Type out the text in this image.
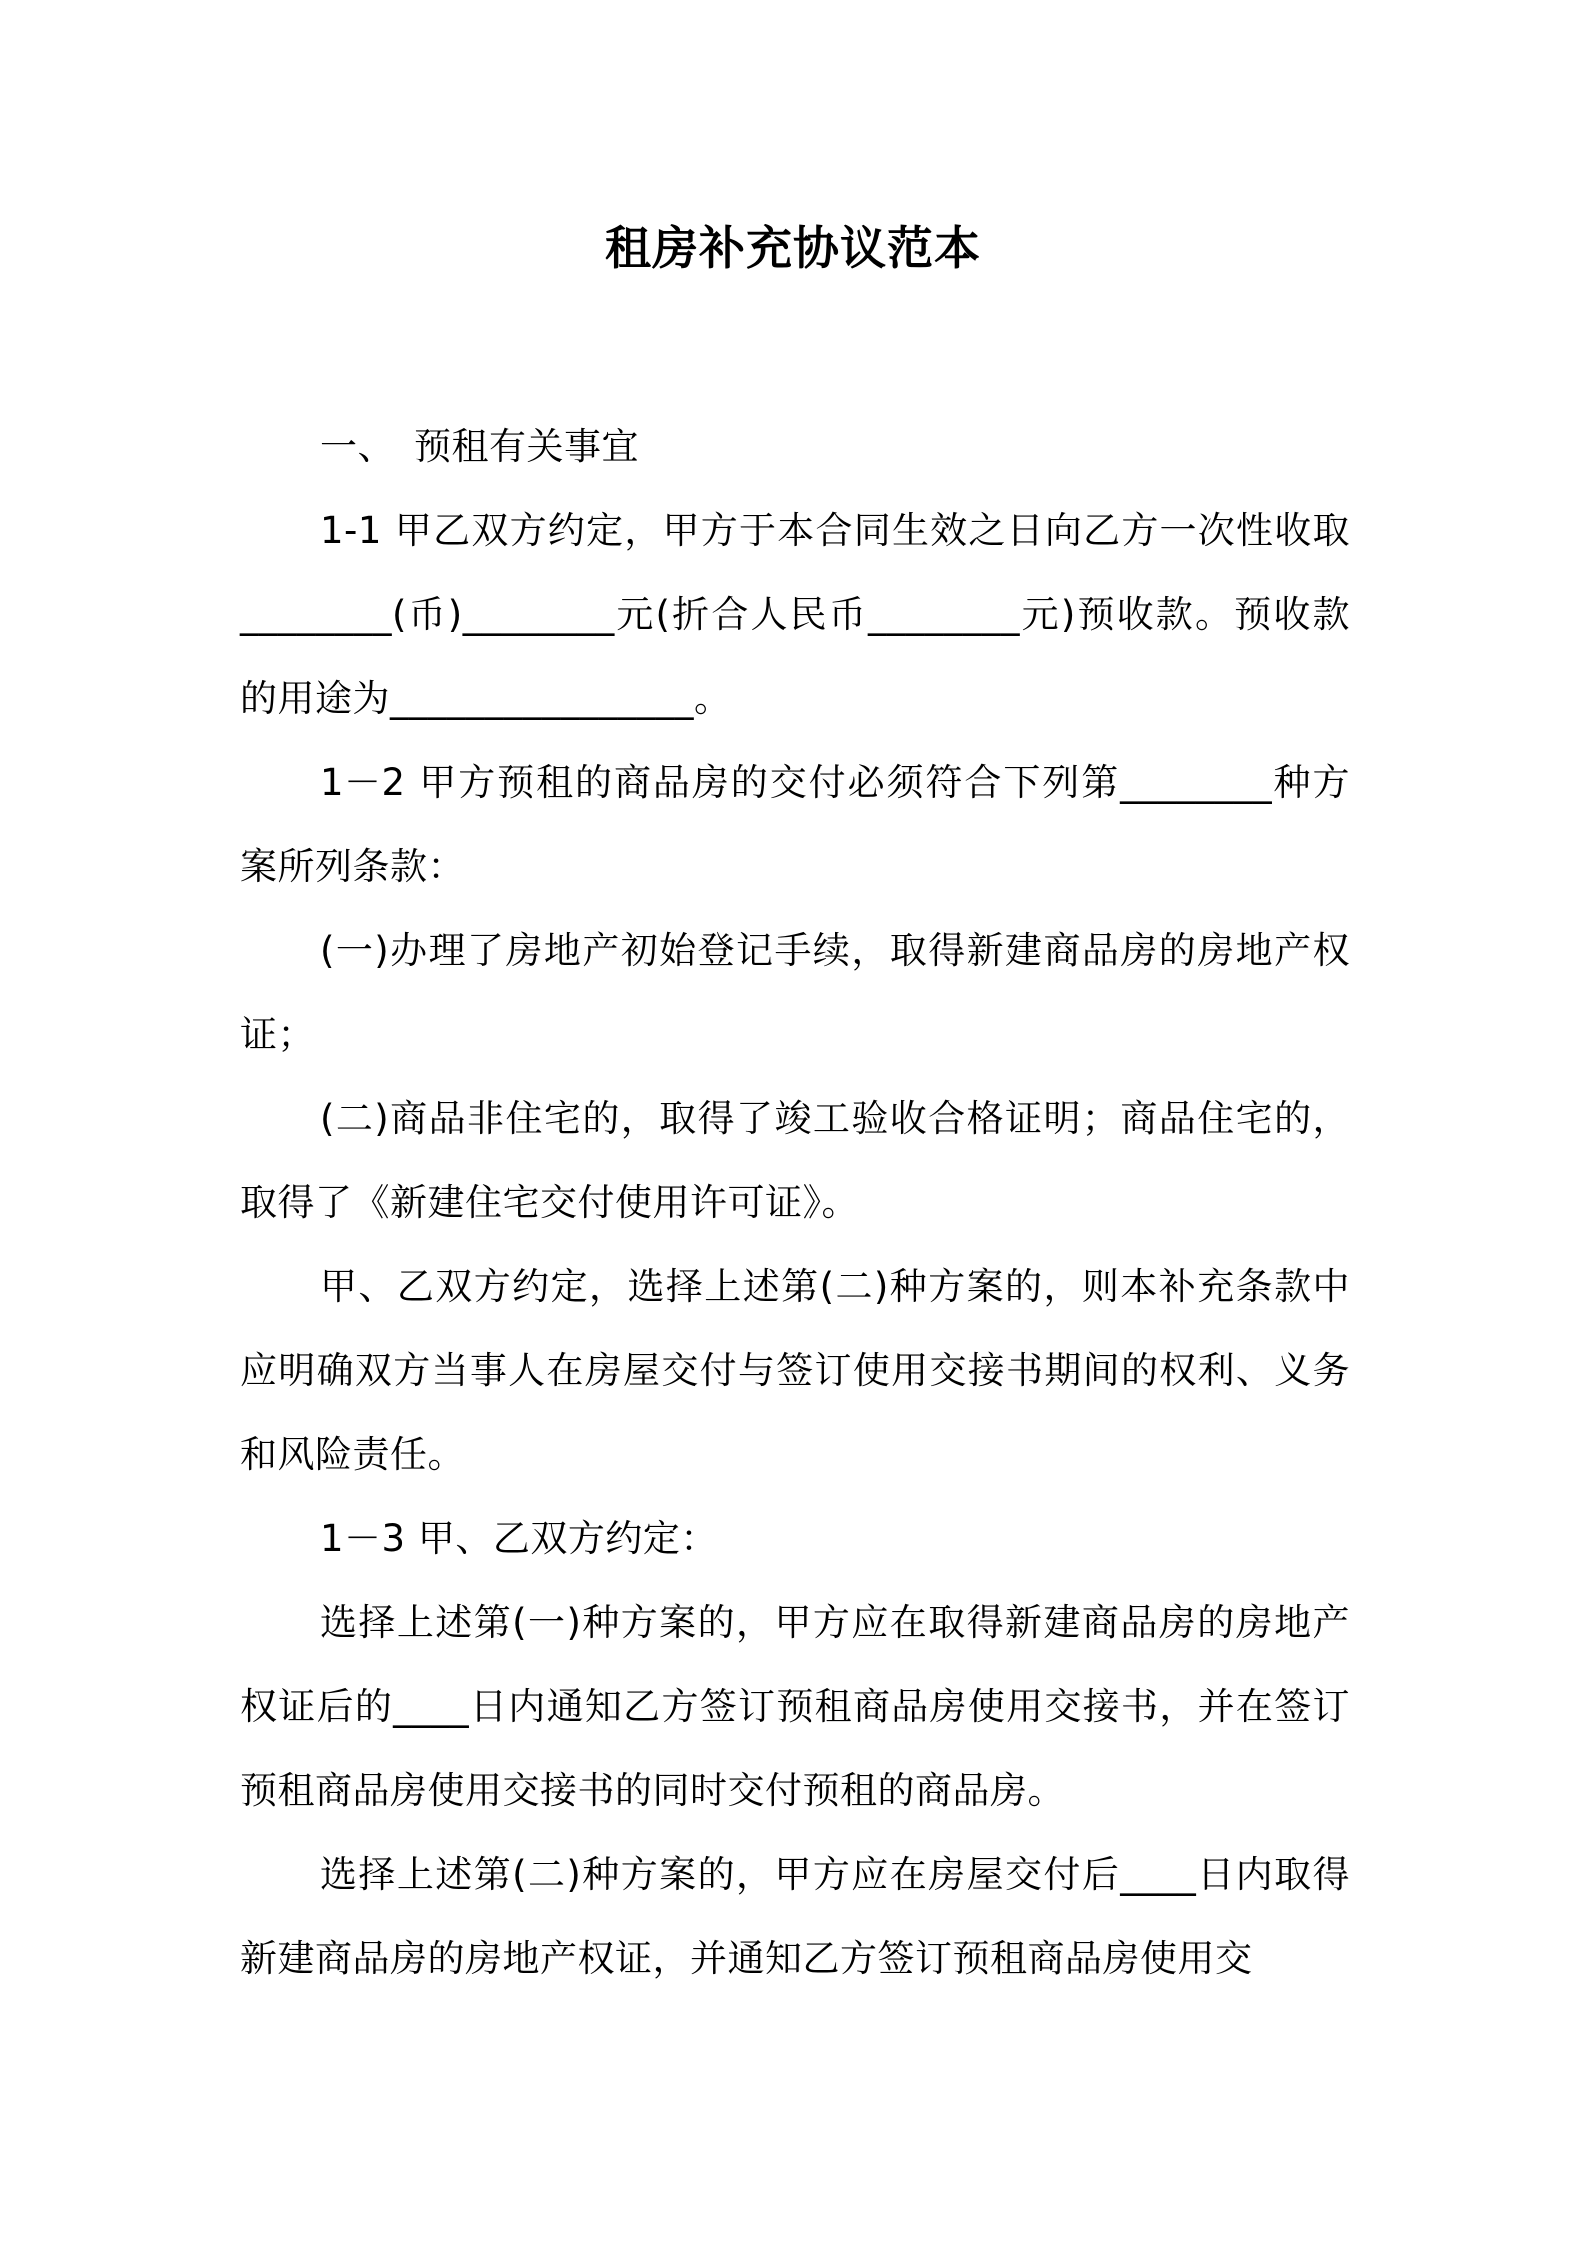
租房补充协议范本

一、　预租有关事宜

1-1 甲乙双方约定，甲方于本合同生效之日向乙方一次性收取 ________(币)________元(折合人民币________元)预收款。预收款的用途为________________。

1－2 甲方预租的商品房的交付必须符合下列第________种方案所列条款：

(一)办理了房地产初始登记手续，取得新建商品房的房地产权证；

(二)商品非住宅的，取得了竣工验收合格证明；商品住宅的，取得了《新建住宅交付使用许可证》。

甲、乙双方约定，选择上述第(二)种方案的，则本补充条款中应明确双方当事人在房屋交付与签订使用交接书期间的权利、义务和风险责任。

1－3 甲、乙双方约定：

选择上述第(一)种方案的，甲方应在取得新建商品房的房地产权证后的____日内通知乙方签订预租商品房使用交接书，并在签订预租商品房使用交接书的同时交付预租的商品房。

选择上述第(二)种方案的，甲方应在房屋交付后____日内取得新建商品房的房地产权证，并通知乙方签订预租商品房使用交
